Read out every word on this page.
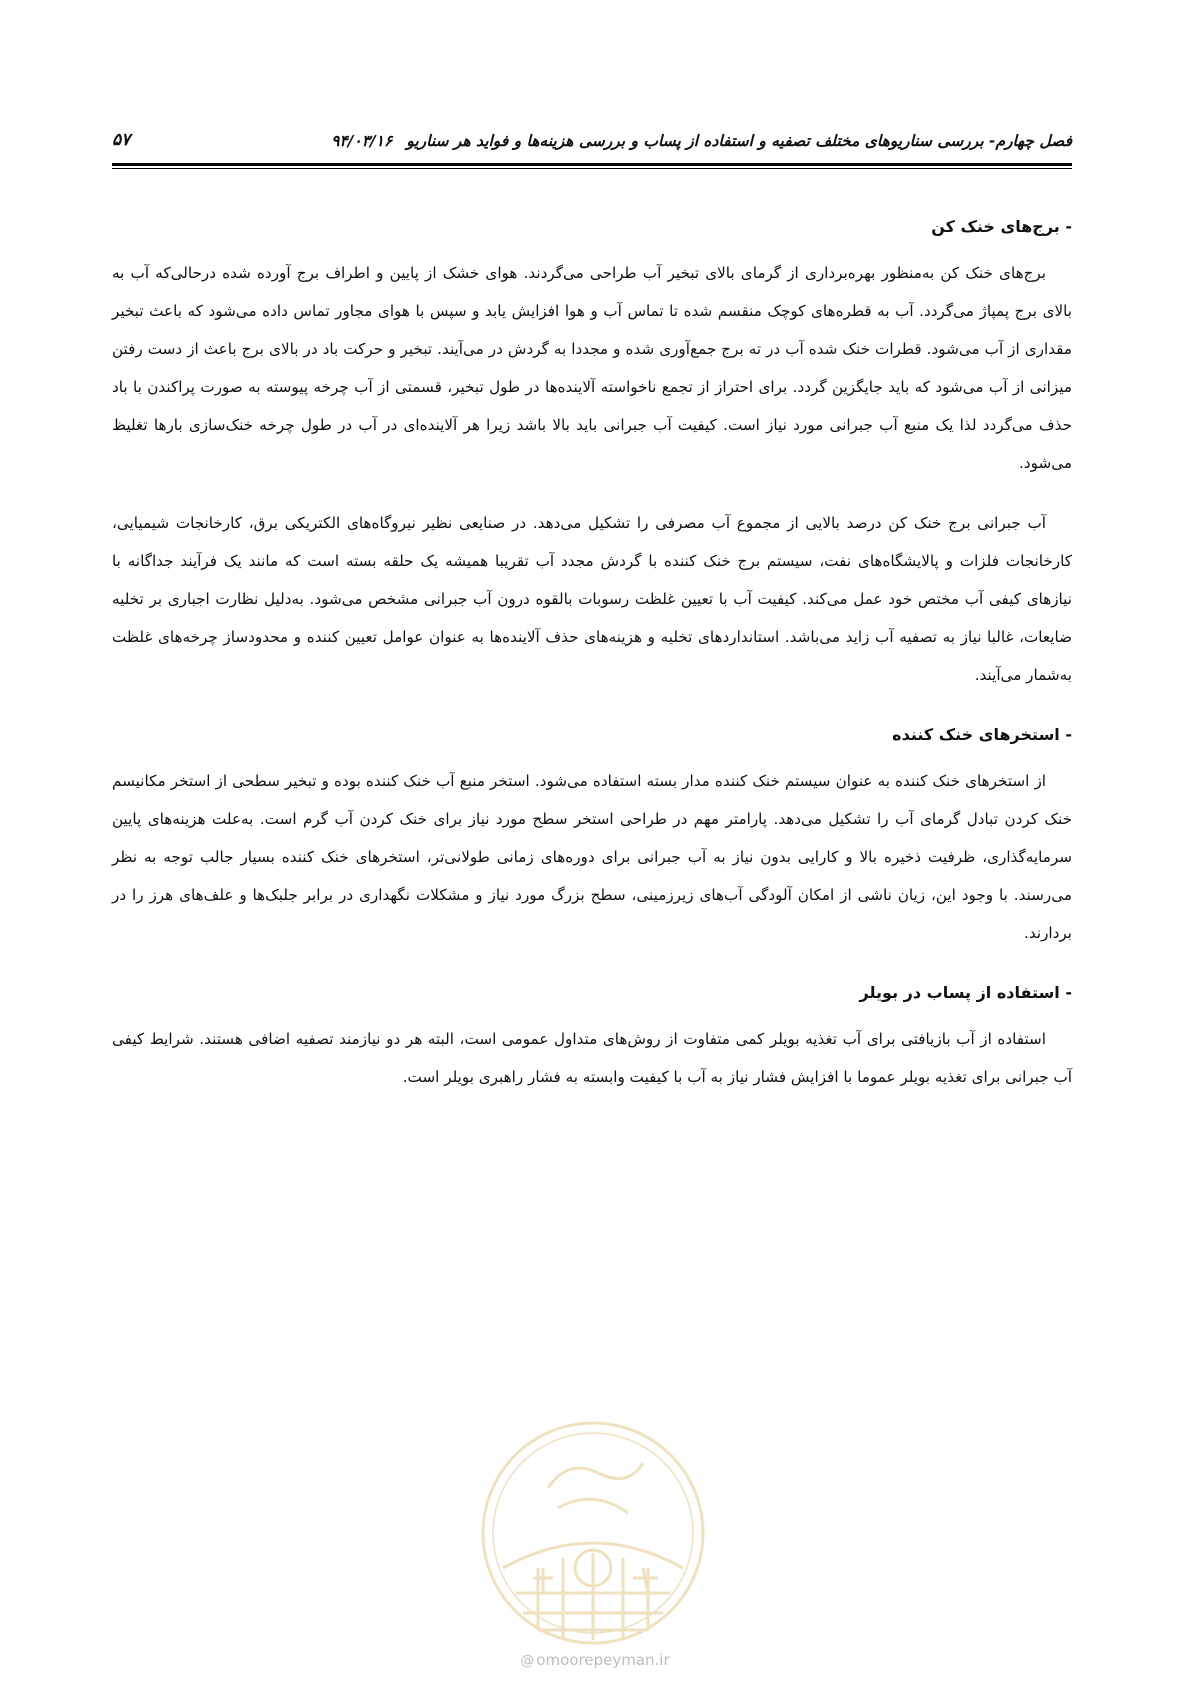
فصل چهارم- بررسی سناریوهای مختلف تصفیه و استفاده از پساب و بررسی هزینه‌ها و فواید هر سناریو۹۴/۰۳/۱۶
۵۷
- برج‌های خنک کن

برج‌های خنک کن به‌منظور بهره‌برداری از گرمای بالای تبخیر آب طراحی می‌گردند. هوای خشک از پایین و اطراف برج آورده شده درحالی‌که آب به بالای برج پمپاژ می‌گردد. آب به قطره‌های کوچک منقسم شده تا تماس آب و هوا افزایش یابد و سپس با هوای مجاور تماس داده می‌شود که باعث تبخیر مقداری از آب می‌شود. قطرات خنک شده آب در ته برج جمع‌آوری شده و مجددا به گردش در می‌آیند. تبخیر و حرکت باد در بالای برج باعث از دست رفتن میزانی از آب می‌شود که باید جایگزین گردد. برای احتراز از تجمع ناخواسته آلاینده‌ها در طول تبخیر، قسمتی از آب چرخه پیوسته به صورت پراکندن با باد حذف می‌گردد لذا یک منبع آب جبرانی مورد نیاز است. کیفیت آب جبرانی باید بالا باشد زیرا هر آلاینده‌ای در آب در طول چرخه خنک‌سازی بارها تغلیظ می‌شود.

آب جبرانی برج خنک کن درصد بالایی از مجموع آب مصرفی را تشکیل می‌دهد. در صنایعی نظیر نیروگاه‌های الکتریکی برق، کارخانجات شیمیایی، کارخانجات فلزات و پالایشگاه‌های نفت، سیستم برج خنک کننده با گردش مجدد آب تقریبا همیشه یک حلقه بسته است که مانند یک فرآیند جداگانه با نیازهای کیفی آب مختص خود عمل می‌کند. کیفیت آب با تعیین غلظت رسوبات بالقوه درون آب جبرانی مشخص می‌شود. به‌دلیل نظارت اجباری بر تخلیه ضایعات، غالبا نیاز به تصفیه آب زاید می‌باشد. استانداردهای تخلیه و هزینه‌های حذف آلاینده‌ها به عنوان عوامل تعیین کننده و محدودساز چرخه‌های غلظت به‌شمار می‌آیند.

- استخرهای خنک کننده

از استخرهای خنک کننده به عنوان سیستم خنک کننده مدار بسته استفاده می‌شود. استخر منبع آب خنک کننده بوده و تبخیر سطحی از استخر مکانیسم خنک کردن تبادل گرمای آب را تشکیل می‌دهد. پارامتر مهم در طراحی استخر سطح مورد نیاز برای خنک کردن آب گرم است. به‌علت هزینه‌های پایین سرمایه‌گذاری، ظرفیت ذخیره بالا و کارایی بدون نیاز به آب جبرانی برای دوره‌های زمانی طولانی‌تر، استخرهای خنک کننده بسیار جالب توجه به نظر می‌رسند. با وجود این، زیان ناشی از امکان آلودگی آب‌های زیرزمینی، سطح بزرگ مورد نیاز و مشکلات نگهداری در برابر جلبک‌ها و علف‌های هرز را در بردارند.

- استفاده از پساب در بویلر

استفاده از آب بازیافتی برای آب تغذیه بویلر کمی متفاوت از روش‌های متداول عمومی است، البته هر دو نیازمند تصفیه اضافی هستند. شرایط کیفی آب جبرانی برای تغذیه بویلر عموما با افزایش فشار نیاز به آب با کیفیت وابسته به فشار راهبری بویلر است.

@ omoorepeyman.ir
